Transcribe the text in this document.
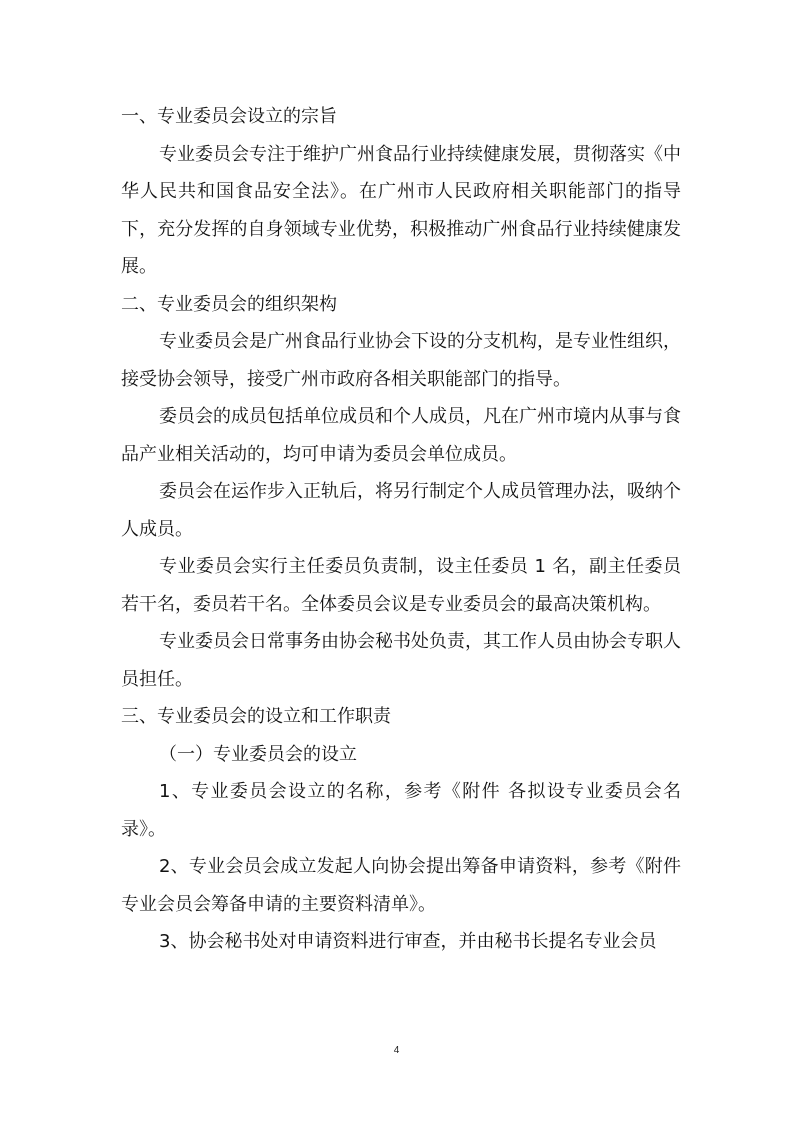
一、专业委员会设立的宗旨

专业委员会专注于维护广州食品行业持续健康发展，贯彻落实《中华人民共和国食品安全法》。在广州市人民政府相关职能部门的指导下，充分发挥的自身领域专业优势，积极推动广州食品行业持续健康发展。

二、专业委员会的组织架构

专业委员会是广州食品行业协会下设的分支机构，是专业性组织，接受协会领导，接受广州市政府各相关职能部门的指导。

委员会的成员包括单位成员和个人成员，凡在广州市境内从事与食品产业相关活动的，均可申请为委员会单位成员。

委员会在运作步入正轨后，将另行制定个人成员管理办法，吸纳个人成员。

专业委员会实行主任委员负责制，设主任委员 1 名，副主任委员若干名，委员若干名。全体委员会议是专业委员会的最高决策机构。

专业委员会日常事务由协会秘书处负责，其工作人员由协会专职人员担任。

三、专业委员会的设立和工作职责

（一）专业委员会的设立

1、专业委员会设立的名称，参考《附件 各拟设专业委员会名录》。

2、专业会员会成立发起人向协会提出筹备申请资料，参考《附件 专业会员会筹备申请的主要资料清单》。

3、协会秘书处对申请资料进行审查，并由秘书长提名专业会员

4
